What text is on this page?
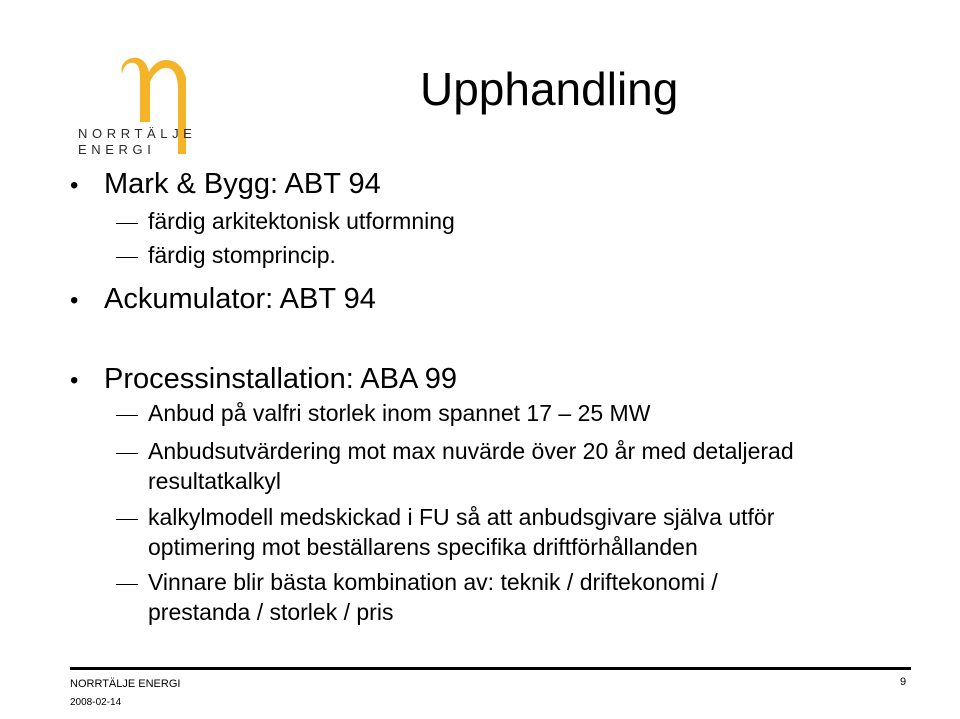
NORRTÄLJE
ENERGI
Upphandling
• Mark & Bygg: ABT 94
färdig arkitektonisk utformning
färdig stomprincip.
• Ackumulator: ABT 94
• Processinstallation: ABA 99
Anbud på valfri storlek inom spannet 17 – 25 MW
Anbudsutvärdering mot max nuvärde över 20 år med detaljerad
resultatkalkyl
kalkylmodell medskickad i FU så att anbudsgivare själva utför
optimering mot beställarens specifika driftförhållanden
Vinnare blir bästa kombination av: teknik / driftekonomi /
prestanda / storlek / pris
NORRTÄLJE ENERGI
2008-02-14
9
